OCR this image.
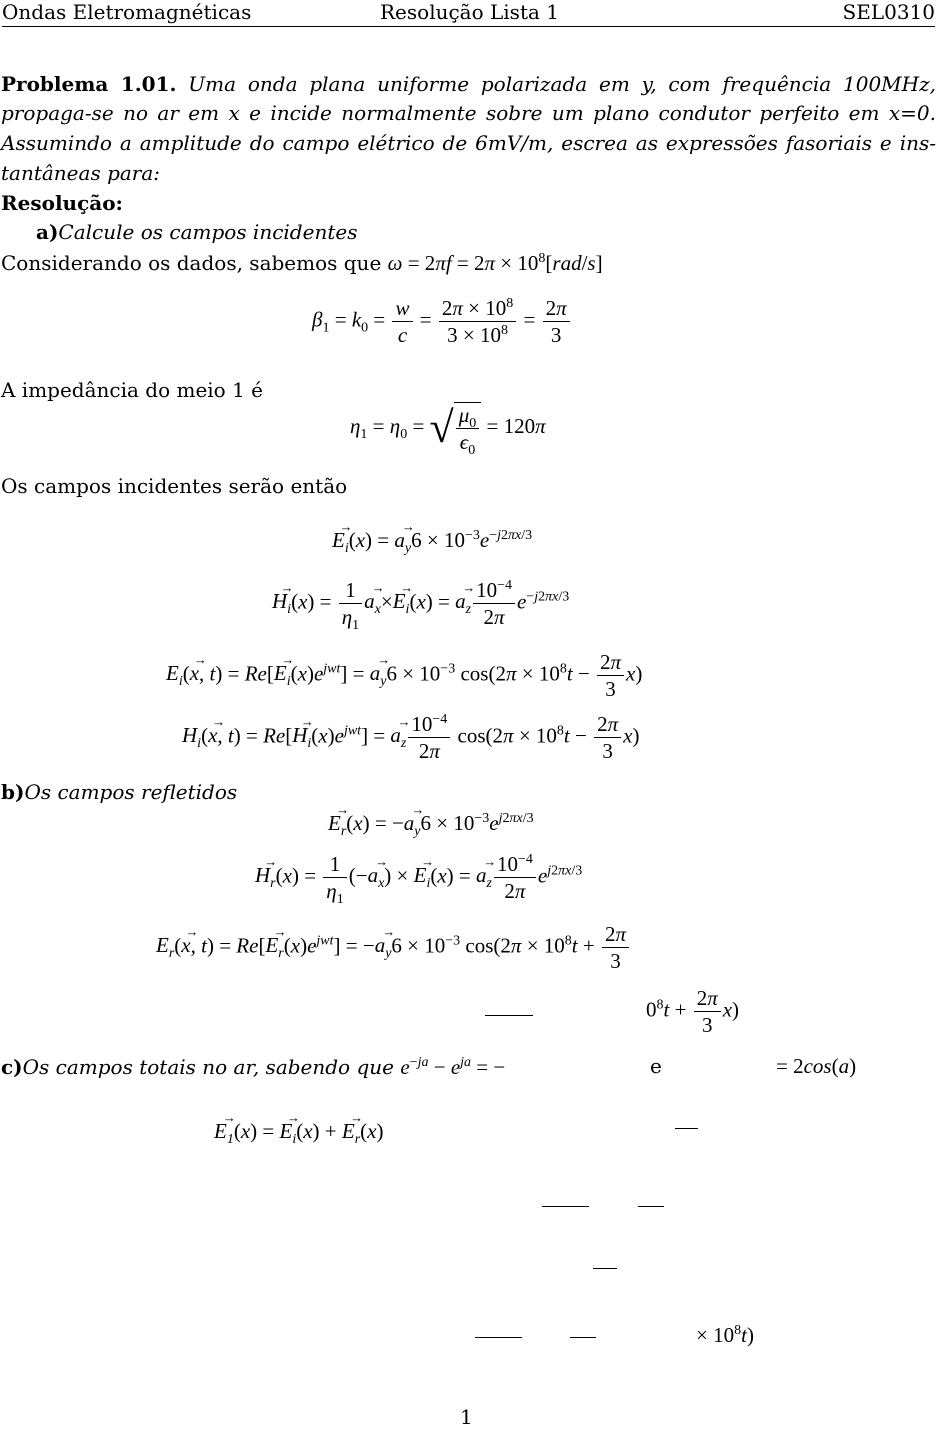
Ondas Eletromagnéticas	Resolução Lista 1	SEL0310
Problema 1.01. Uma onda plana uniforme polarizada em y, com frequência 100MHz,
propaga-se no ar em x e incide normalmente sobre um plano condutor perfeito em x=0.
Assumindo a amplitude do campo elétrico de 6mV/m, escrea as expressões fasoriais e ins-
tantâneas para:
Resolução:
a)Calcule os campos incidentes
Considerando os dados, sabemos que $\omega = 2\pi f = 2\pi \times 10^8[rad/s]$
$\beta_1 = k_0 = \frac{w}{c} = \frac{2\pi \times 10^8}{3 \times 10^8} = \frac{2\pi}{3}$
A impedância do meio 1 é
$\eta_1 = \eta_0$ = √ $\frac{\mu_0}{\epsilon_0} = 120\pi$
Os campos incidentes serão então
$E_i \to(x) = a_y \to 6 \times 10^{-3}e^{-j2\pi x/3}$
$H_i \to(x) = \frac{1}{\eta_1} a_x \to\times E_i \to(x) = a_z \to \frac{10^{-4}}{2\pi} e^{-j2\pi x/3}$
$E_i(x$ →, $t) = Re[E_i \to(x)e^{jwt}] = a_y \to 6 \times 10^{-3}$ $\cos(2\pi \times 10^8t - \frac{2\pi}{3} x)$
$H_i(x$ →, $t) = Re[H_i \to(x)e^{jwt}] = a_z \to \frac{10^{-4}}{2\pi} \cos(2\pi \times 10^8t - \frac{2\pi}{3} x)$
b)Os campos refletidos
$E_r \to(x) = -a_y \to 6 \times 10^{-3}e^{j2\pi x/3}$
$H_r \to(x) = \frac{1}{\eta_1} (-a_x$ →) × $E_i \to(x) = a_z \to \frac{10^{-4}}{2\pi} e^{j2\pi x/3}$
$E_r(x$ →, $t) = Re[E_r \to(x)e^{jwt}] = -a_y \to 6 \times 10^{-3}$ $\cos(2\pi \times 10^8t + \frac{2\pi}{3}$
$0^8t + \frac{2\pi}{3} x$)
c)Os campos totais no ar, sabendo que $e^{-ja} - e^{ja}$ = −	e	= 2cos(a)
$E_1 \to(x) = E_i \to(x) + E_r \to(x)$
× $10^8t$)
1
